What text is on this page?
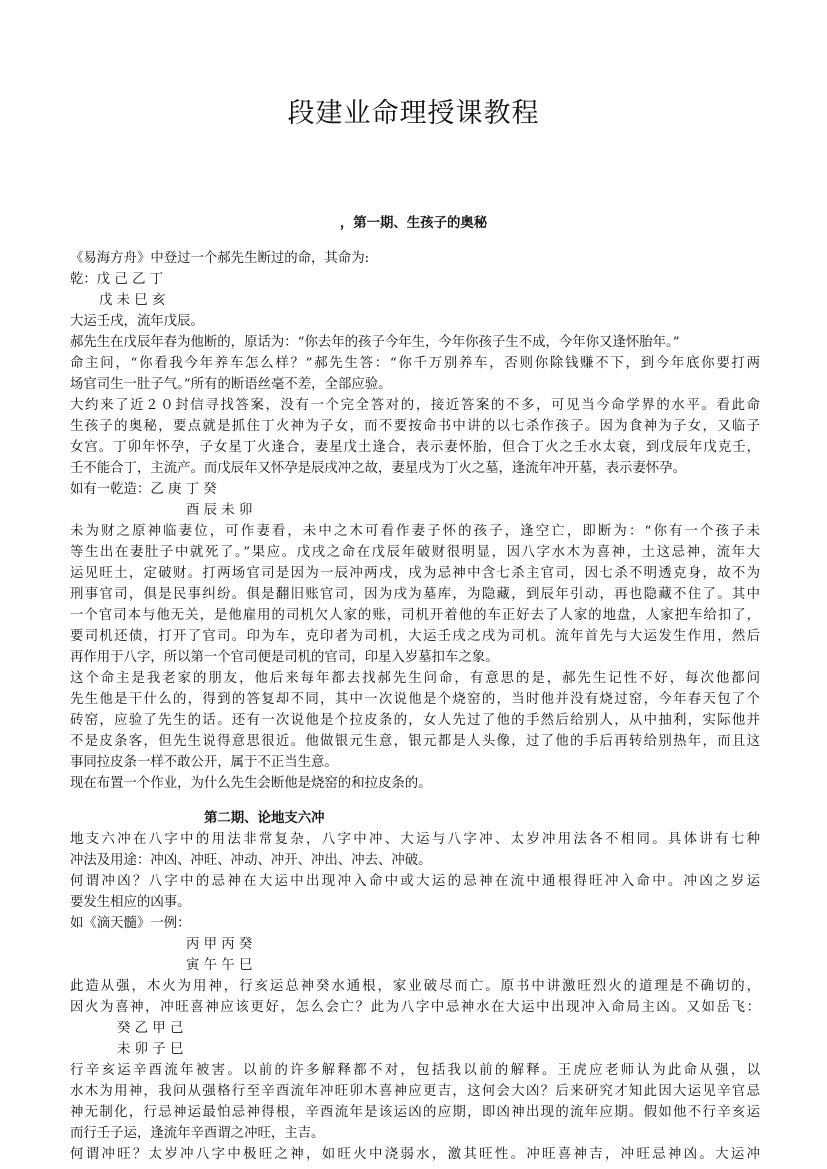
段建业命理授课教程
，第一期、生孩子的奥秘
《易海方舟》中登过一个郝先生断过的命，其命为:
乾：戊 己 乙 丁
戊 未 巳 亥
大运壬戌，流年戊辰。
郝先生在戊辰年春为他断的，原话为：“你去年的孩子今年生，今年你孩子生不成，今年你又逢怀胎年。”
命主问，“你看我今年养车怎么样？”郝先生答：“你千万别养车，否则你除钱赚不下，到今年底你要打两
场官司生一肚子气。”所有的断语丝毫不差，全部应验。
大约来了近２０封信寻找答案，没有一个完全答对的，接近答案的不多，可见当今命学界的水平。看此命
生孩子的奥秘，要点就是抓住丁火神为子女，而不要按命书中讲的以七杀作孩子。因为食神为子女，又临子
女宫。丁卯年怀孕，子女星丁火逢合，妻星戊土逢合，表示妻怀胎，但合丁火之壬水太衰，到戊辰年戊克壬，
壬不能合丁，主流产。而戊辰年又怀孕是辰戌冲之故，妻星戌为丁火之墓，逢流年冲开墓，表示妻怀孕。
如有一乾造：乙 庚 丁 癸
酉 辰 未 卯
未为财之原神临妻位，可作妻看，未中之木可看作妻子怀的孩子，逢空亡，即断为：“你有一个孩子未
等生出在妻肚子中就死了。”果应。戊戌之命在戊辰年破财很明显，因八字水木为喜神，土这忌神，流年大
运见旺土，定破财。打两场官司是因为一辰冲两戌，戌为忌神中含七杀主官司，因七杀不明透克身，故不为
刑事官司，俱是民事纠纷。俱是翻旧账官司，因为戌为墓库，为隐藏，到辰年引动，再也隐藏不住了。其中
一个官司本与他无关，是他雇用的司机欠人家的账，司机开着他的车正好去了人家的地盘，人家把车给扣了，
要司机还债，打开了官司。印为车，克印者为司机，大运壬戌之戌为司机。流年首先与大运发生作用，然后
再作用于八字，所以第一个官司便是司机的官司，印星入岁墓扣车之象。
这个命主是我老家的朋友，他后来每年都去找郝先生问命，有意思的是，郝先生记性不好，每次他都问
先生他是干什么的，得到的答复却不同，其中一次说他是个烧窑的，当时他并没有烧过窑，今年春天包了个
砖窑，应验了先生的话。还有一次说他是个拉皮条的，女人先过了他的手然后给别人，从中抽利，实际他并
不是皮条客，但先生说得意思很近。他做银元生意，银元都是人头像，过了他的手后再转给别热年，而且这
事同拉皮条一样不敢公开，属于不正当生意。
现在布置一个作业，为什么先生会断他是烧窑的和拉皮条的。
第二期、论地支六冲
地支六冲在八字中的用法非常复杂，八字中冲、大运与八字冲、太岁冲用法各不相同。具体讲有七种
冲法及用途：冲凶、冲旺、冲动、冲开、冲出、冲去、冲破。
何谓冲凶？八字中的忌神在大运中出现冲入命中或大运的忌神在流中通根得旺冲入命中。冲凶之岁运
要发生相应的凶事。
如《滴天髓》一例：
丙 甲 丙 癸
寅 午 午 巳
此造从强，木火为用神，行亥运总神癸水通根，家业破尽而亡。原书中讲激旺烈火的道理是不确切的，
因火为喜神，冲旺喜神应该更好，怎么会亡？此为八字中忌神水在大运中出现冲入命局主凶。又如岳飞：
癸 乙 甲 己
未 卯 子 巳
行辛亥运辛酉流年被害。以前的许多解释都不对，包括我以前的解释。王虎应老师认为此命从强，以
水木为用神，我问从强格行至辛酉流年冲旺卯木喜神应更吉，这何会大凶？后来研究才知此因大运见辛官忌
神无制化，行忌神运最怕忌神得根，辛酉流年是该运凶的应期，即凶神出现的流年应期。假如他不行辛亥运
而行壬子运，逢流年辛酉谓之冲旺，主吉。
何谓冲旺？太岁冲八字中极旺之神，如旺火中浇弱水，激其旺性。冲旺喜神吉，冲旺忌神凶。大运冲
